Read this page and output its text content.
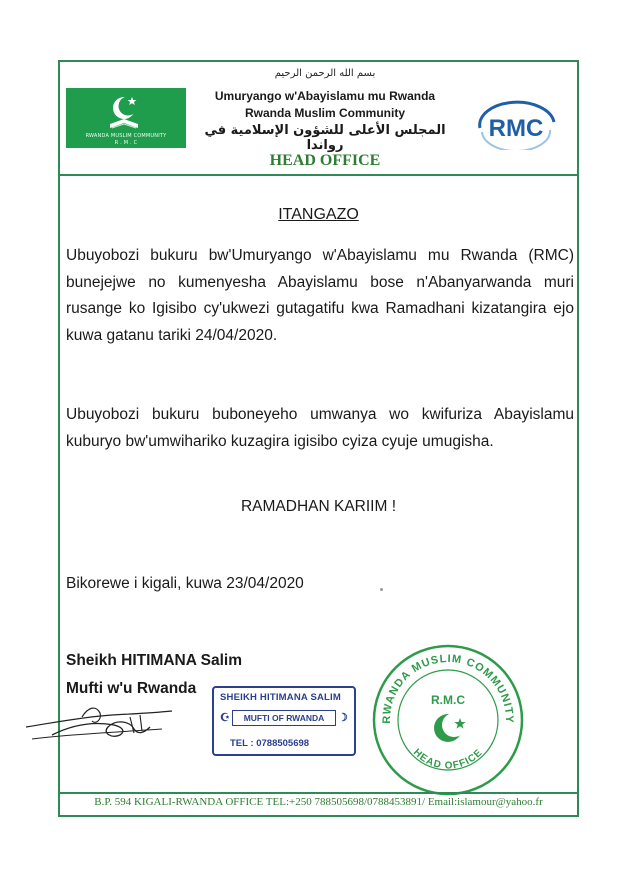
RWANDA MUSLIM COMMUNITY
R . M . C
بسم الله الرحمن الرحيم
Umuryango w'Abayislamu mu Rwanda
Rwanda Muslim Community
المجلس الأعلى للشؤون الإسلامية في رواندا
HEAD OFFICE
RMC
ITANGAZO
Ubuyobozi bukuru bw'Umuryango w'Abayislamu mu Rwanda (RMC) bunejejwe no kumenyesha Abayislamu bose n'Abanyarwanda muri rusange ko Igisibo cy'ukwezi gutagatifu kwa Ramadhani kizatangira ejo kuwa gatanu tariki 24/04/2020.
Ubuyobozi bukuru buboneyeho umwanya wo kwifuriza Abayislamu kuburyo bw'umwihariko kuzagira igisibo cyiza cyuje umugisha.
RAMADHAN KARIIM !
Bikorewe i kigali, kuwa 23/04/2020
Sheikh HITIMANA Salim
Mufti w'u Rwanda
SHEIKH HITIMANA SALIM
☪	MUFTI OF RWANDA	☽
TEL : 0788505698
RWANDA MUSLIM COMMUNITY
R.M.C
HEAD OFFICE
B.P. 594 KIGALI-RWANDA OFFICE TEL:+250 788505698/0788453891/ Email:islamour@yahoo.fr
